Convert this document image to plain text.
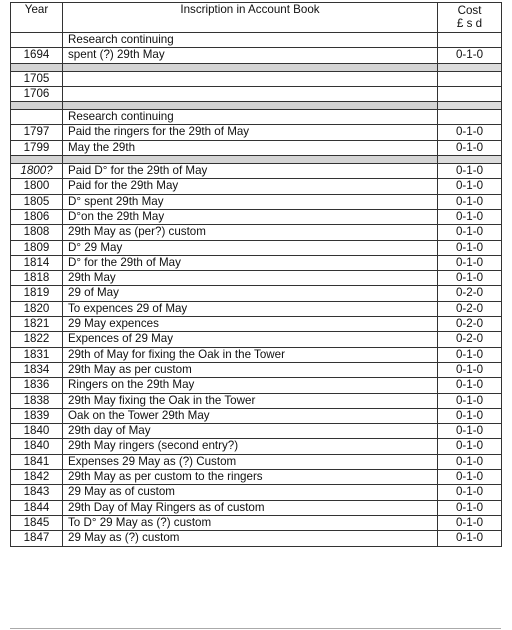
Year	Inscription in Account Book	Cost
£ s d

	Research continuing	
1694	spent (?) 29th May	0-1-0

1705		
1706		

	Research continuing	
1797	Paid the ringers for the 29th of May	0-1-0
1799	May the 29th	0-1-0

1800?	Paid D° for the 29th of May	0-1-0
1800	Paid for the 29th May	0-1-0
1805	D° spent 29th May	0-1-0
1806	D°on the 29th May	0-1-0
1808	29th May as (per?) custom	0-1-0
1809	D° 29 May	0-1-0
1814	D° for the 29th of May	0-1-0
1818	29th May	0-1-0
1819	29 of May	0-2-0
1820	To expences 29 of May	0-2-0
1821	29 May expences	0-2-0
1822	Expences of 29 May	0-2-0
1831	29th of May for fixing the Oak in the Tower	0-1-0
1834	29th May as per custom	0-1-0
1836	Ringers on the 29th May	0-1-0
1838	29th May fixing the Oak in the Tower	0-1-0
1839	Oak on the Tower 29th May	0-1-0
1840	29th day of May	0-1-0
1840	29th May ringers (second entry?)	0-1-0
1841	Expenses 29 May as (?) Custom	0-1-0
1842	29th May as per custom to the ringers	0-1-0
1843	29 May as of custom	0-1-0
1844	29th Day of May Ringers as of custom	0-1-0
1845	To D° 29 May as (?) custom	0-1-0
1847	29 May as (?) custom	0-1-0
